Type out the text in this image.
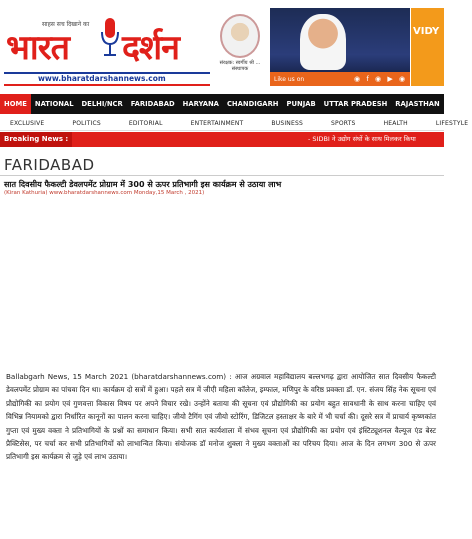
साहस सच दिखाने का
भारत दर्शन
www.bharatdarshannews.com
संरक्षक: स्वर्गीय श्री ... संस्थापक
Like us on	◉ f ◉ ▶ ◉
VIDY
HOME	NATIONAL	DELHI/NCR	FARIDABAD	HARYANA	CHANDIGARH	PUNJAB	UTTAR PRADESH	RAJASTHAN	HIMA
EXCLUSIVE	POLITICS	EDITORIAL	ENTERTAINMENT	BUSINESS	SPORTS	HEALTH	LIFESTYLE
- SIDBI ने उद्योग संघों के साथ मिलकर किया
Breaking News :
FARIDABAD
सात दिवसीय फैकल्टी डेवलपमेंट प्रोग्राम में 300 से ऊपर प्रतिभागी इस कार्यक्रम से उठाया लाभ
(Kiran Kathuria) www.bharatdarshannews.com Monday,15 March , 2021)

Ballabgarh News, 15 March 2021 (bharatdarshannews.com) : आज अग्रवाल महाविद्यालय बल्लभगढ़ द्वारा आयोजित सात दिवसीय फैकल्टी डेवलपमेंट प्रोग्राम का पांचवा दिन था। कार्यक्रम दो सत्रों में हुआ। पहले सत्र में जीएी महिला कॉलेज, इम्फाल, मणिपुर के वरिष्ठ प्रवक्ता डॉ. एन. संजय सिंह नेक सूचना एवं प्रौद्योगिकी का प्रयोग एवं गुणवत्ता विकास विषय पर अपने विचार रखे। उन्होंने बताया की सूचना एवं प्रौद्योगिकी का प्रयोग बहुत सावधानी के साथ करना चाहिए एवं विभिन्न नियामको द्वारा निर्धारित कानूनों का पालन करना चाहिए। जीयो टैगिंग एवं जीयो स्टोरिंग, डिजिटल हस्ताक्षर के बारे में भी चर्चा की। दूसरे सत्र में प्राचार्य कृष्णकांत गुप्ता एवं मुख्य वक्ता ने प्रतिभागियों के प्रश्नों का समाधान किया। सभी सात कार्यशाला में संभव सूचना एवं प्रौद्योगिकी का प्रयोग एवं इंस्टिट्यूशनल वैल्यूज एंड बेस्ट प्रैक्टिसेस, पर चर्चा कर सभी प्रतिभागियों को लाभान्वित किया। संयोजक डॉ मनोज शुक्ला ने मुख्य वक्ताओं का परिचय दिया। आज के दिन लगभग 300 से ऊपर प्रतिभागी इस कार्यक्रम से जुड़े एवं लाभ उठाया।
